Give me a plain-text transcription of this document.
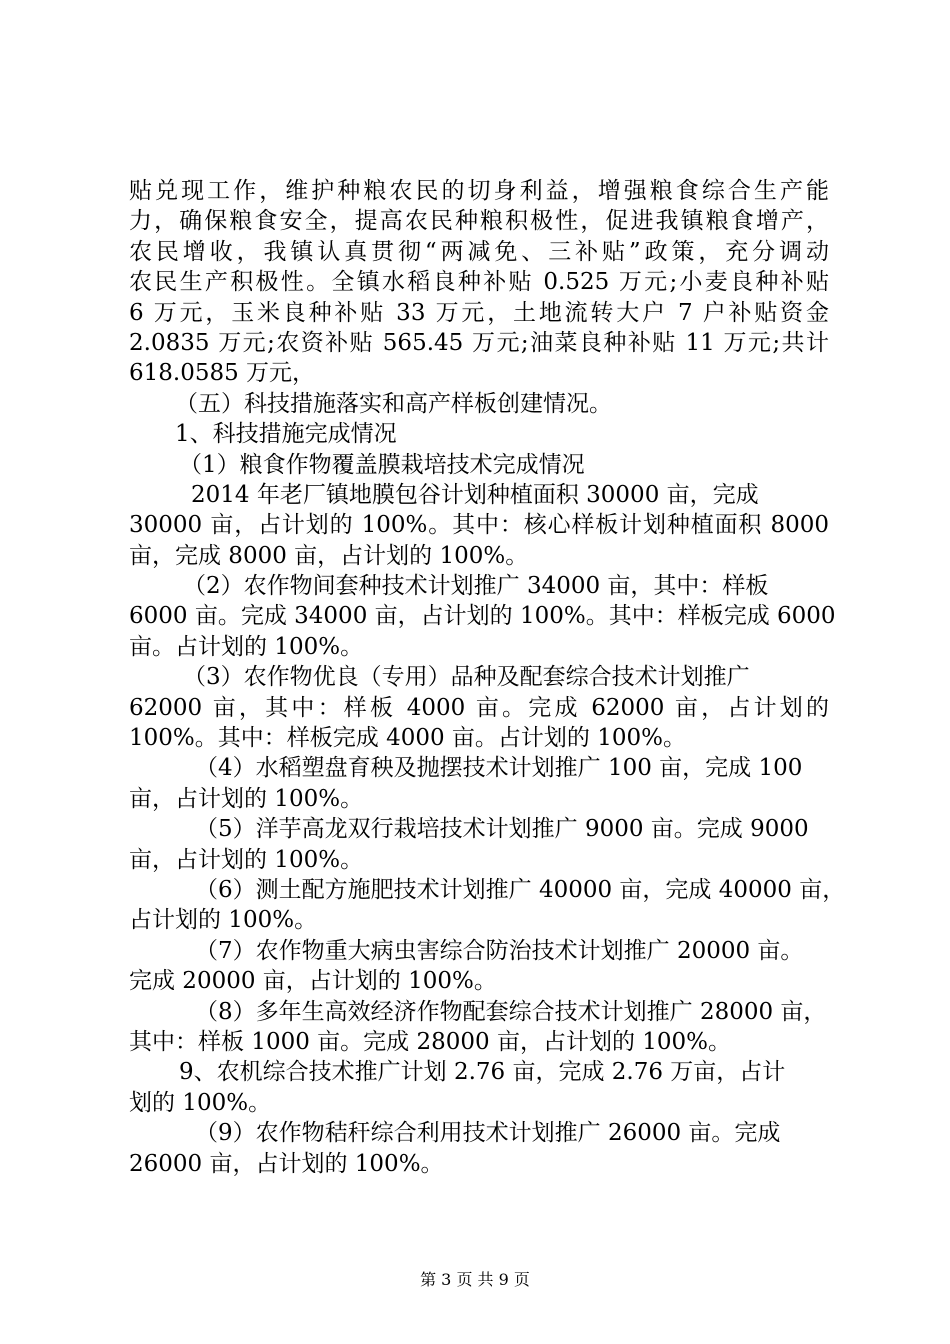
贴兑现工作，维护种粮农民的切身利益，增强粮食综合生产能
力，确保粮食安全，提高农民种粮积极性，促进我镇粮食增产，
农民增收，我镇认真贯彻“两减免、三补贴”政策，充分调动
农民生产积极性。全镇水稻良种补贴 0.525 万元;小麦良种补贴
6 万元，玉米良种补贴 33 万元，土地流转大户 7 户补贴资金
2.0835 万元;农资补贴 565.45 万元;油菜良种补贴 11 万元;共计
618.0585 万元，
（五）科技措施落实和高产样板创建情况。
1、科技措施完成情况
（1）粮食作物覆盖膜栽培技术完成情况
2014 年老厂镇地膜包谷计划种植面积 30000 亩，完成
30000 亩，占计划的 100%。其中：核心样板计划种植面积 8000
亩，完成 8000 亩，占计划的 100%。
（2）农作物间套种技术计划推广 34000 亩，其中：样板
6000 亩。完成 34000 亩，占计划的 100%。其中：样板完成 6000
亩。占计划的 100%。
（3）农作物优良（专用）品种及配套综合技术计划推广
62000 亩，其中：样板 4000 亩。完成 62000 亩，占计划的
100%。其中：样板完成 4000 亩。占计划的 100%。
（4）水稻塑盘育秧及抛摆技术计划推广 100 亩，完成 100
亩，占计划的 100%。
（5）洋芋高龙双行栽培技术计划推广 9000 亩。完成 9000
亩，占计划的 100%。
（6）测土配方施肥技术计划推广 40000 亩，完成 40000 亩，
占计划的 100%。
（7）农作物重大病虫害综合防治技术计划推广 20000 亩。
完成 20000 亩，占计划的 100%。
（8）多年生高效经济作物配套综合技术计划推广 28000 亩，
其中：样板 1000 亩。完成 28000 亩，占计划的 100%。
9、农机综合技术推广计划 2.76 亩，完成 2.76 万亩，占计
划的 100%。
（9）农作物秸秆综合利用技术计划推广 26000 亩。完成
26000 亩，占计划的 100%。
第 3 页 共 9 页
